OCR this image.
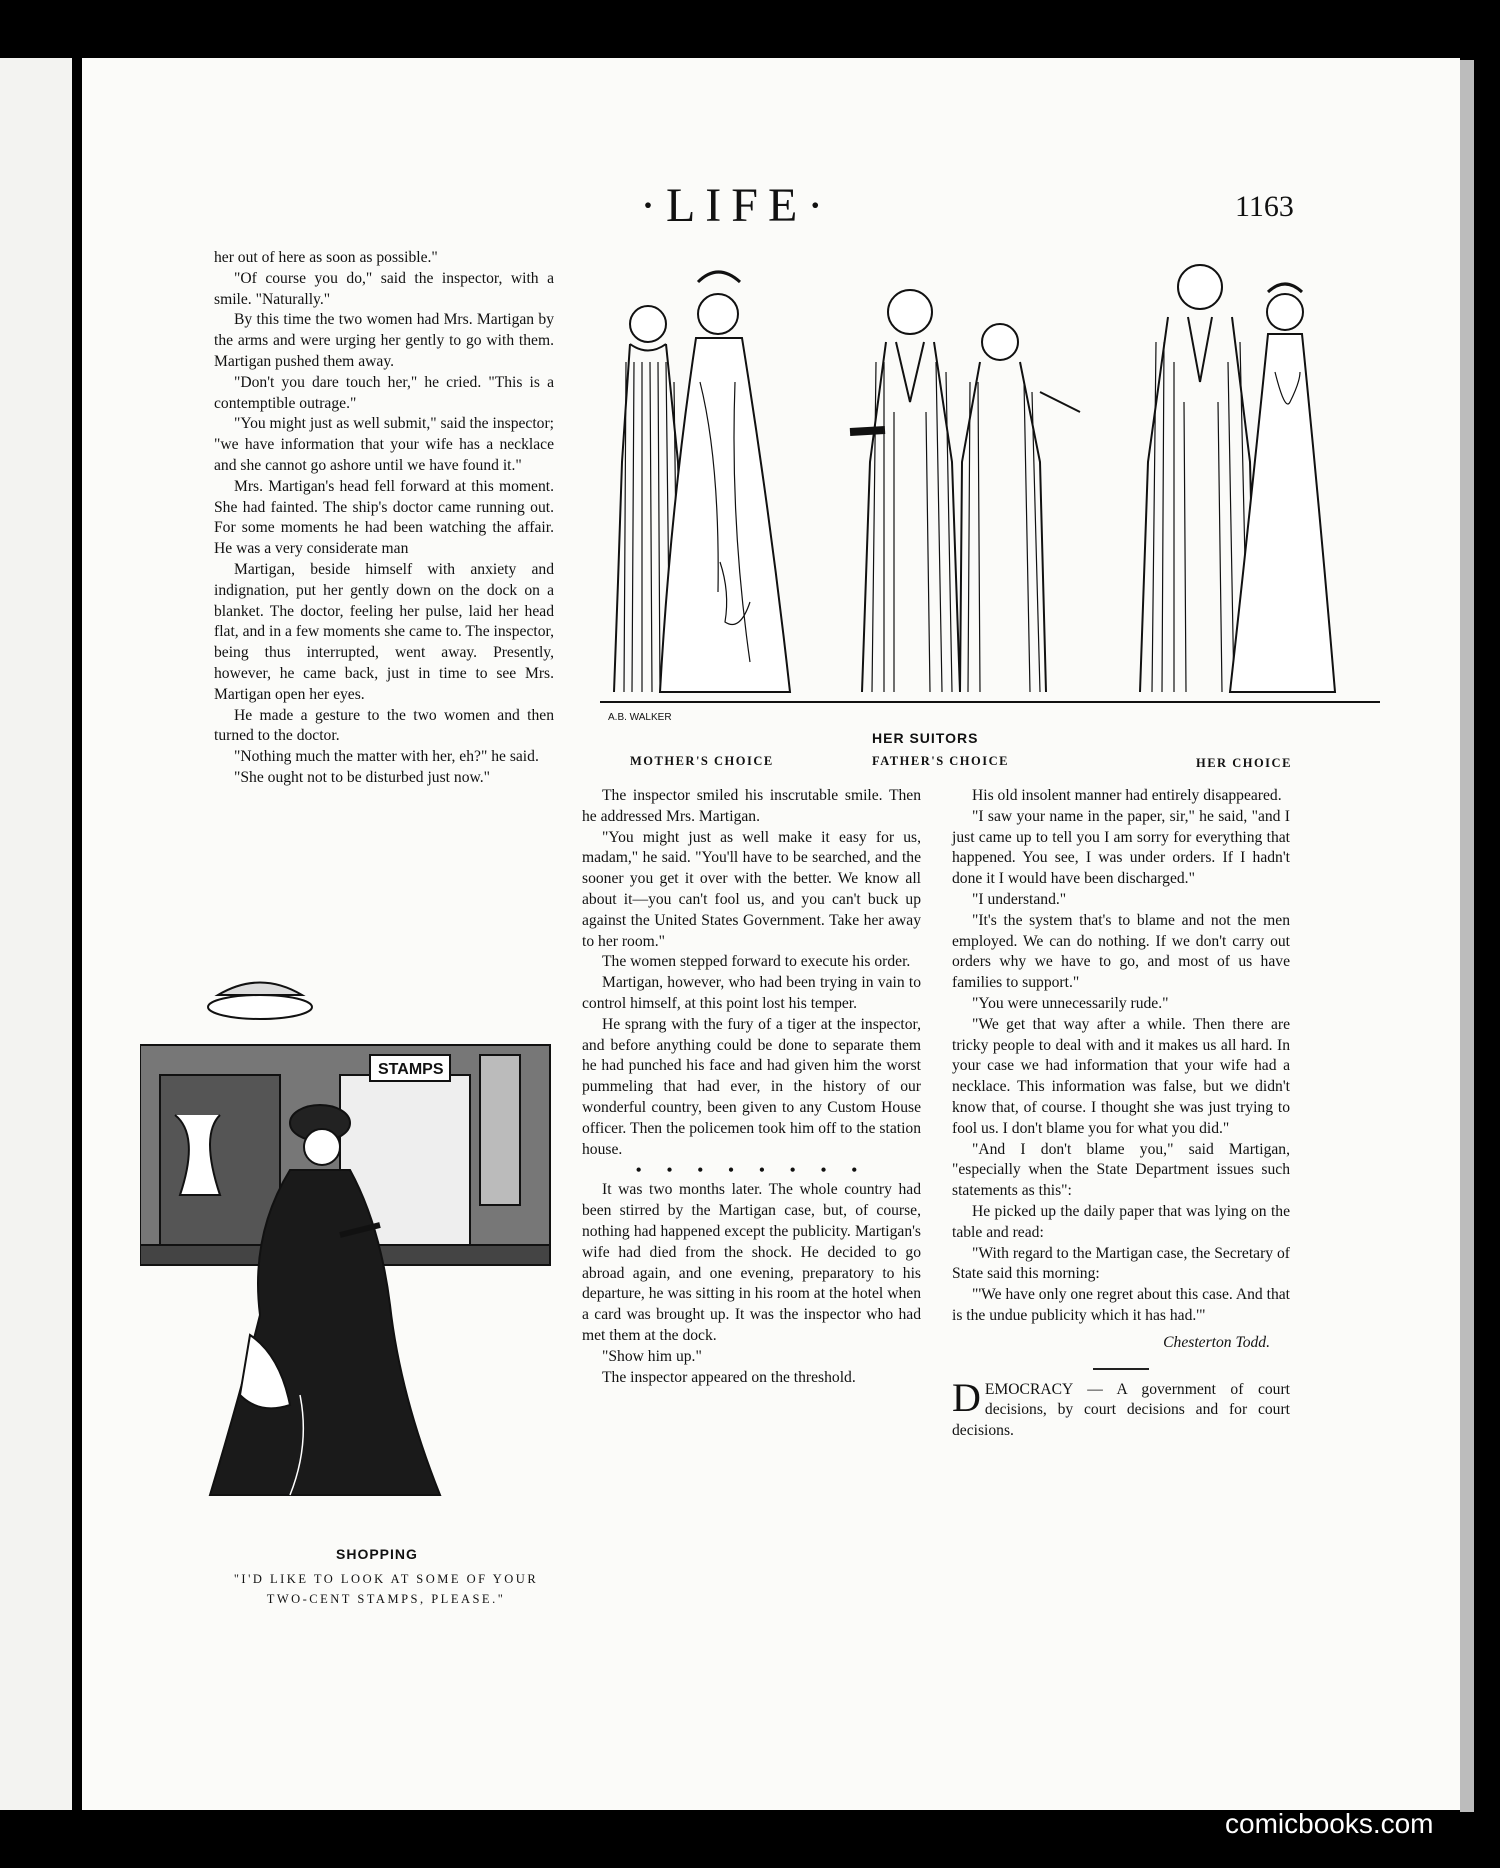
·LIFE·	1163

her out of here as soon as possible."

"Of course you do," said the inspector, with a smile. "Naturally."

By this time the two women had Mrs. Martigan by the arms and were urging her gently to go with them. Martigan pushed them away.

"Don't you dare touch her," he cried. "This is a contemptible outrage."

"You might just as well submit," said the inspector; "we have information that your wife has a necklace and she cannot go ashore until we have found it."

Mrs. Martigan's head fell forward at this moment. She had fainted. The ship's doctor came running out. For some moments he had been watching the affair. He was a very considerate man

Martigan, beside himself with anxiety and indignation, put her gently down on the dock on a blanket. The doctor, feeling her pulse, laid her head flat, and in a few moments she came to. The inspector, being thus interrupted, went away. Presently, however, he came back, just in time to see Mrs. Martigan open her eyes.

He made a gesture to the two women and then turned to the doctor.

"Nothing much the matter with her, eh?" he said.

"She ought not to be disturbed just now."

A.B. WALKER
HER SUITORS
MOTHER'S CHOICE	FATHER'S CHOICE	HER CHOICE

The inspector smiled his inscrutable smile. Then he addressed Mrs. Martigan.

"You might just as well make it easy for us, madam," he said. "You'll have to be searched, and the sooner you get it over with the better. We know all about it—you can't fool us, and you can't buck up against the United States Government. Take her away to her room."

The women stepped forward to execute his order.

Martigan, however, who had been trying in vain to control himself, at this point lost his temper.

He sprang with the fury of a tiger at the inspector, and before anything could be done to separate them he had punched his face and had given him the worst pummeling that had ever, in the history of our wonderful country, been given to any Custom House officer. Then the policemen took him off to the station house.

• • • • • • • •

It was two months later. The whole country had been stirred by the Martigan case, but, of course, nothing had happened except the publicity. Martigan's wife had died from the shock. He decided to go abroad again, and one evening, preparatory to his departure, he was sitting in his room at the hotel when a card was brought up. It was the inspector who had met them at the dock.

"Show him up."

The inspector appeared on the threshold.

His old insolent manner had entirely disappeared.

"I saw your name in the paper, sir," he said, "and I just came up to tell you I am sorry for everything that happened. You see, I was under orders. If I hadn't done it I would have been discharged."

"I understand."

"It's the system that's to blame and not the men employed. We can do nothing. If we don't carry out orders why we have to go, and most of us have families to support."

"You were unnecessarily rude."

"We get that way after a while. Then there are tricky people to deal with and it makes us all hard. In your case we had information that your wife had a necklace. This information was false, but we didn't know that, of course. I thought she was just trying to fool us. I don't blame you for what you did."

"And I don't blame you," said Martigan, "especially when the State Department issues such statements as this":

He picked up the daily paper that was lying on the table and read:

"With regard to the Martigan case, the Secretary of State said this morning:

"'We have only one regret about this case. And that is the undue publicity which it has had.'"

Chesterton Todd.

DEMOCRACY — A government of court decisions, by court decisions and for court decisions.

STAMPS
SHOPPING
"I'D LIKE TO LOOK AT SOME OF YOUR
TWO-CENT STAMPS, PLEASE."
comicbooks.com
